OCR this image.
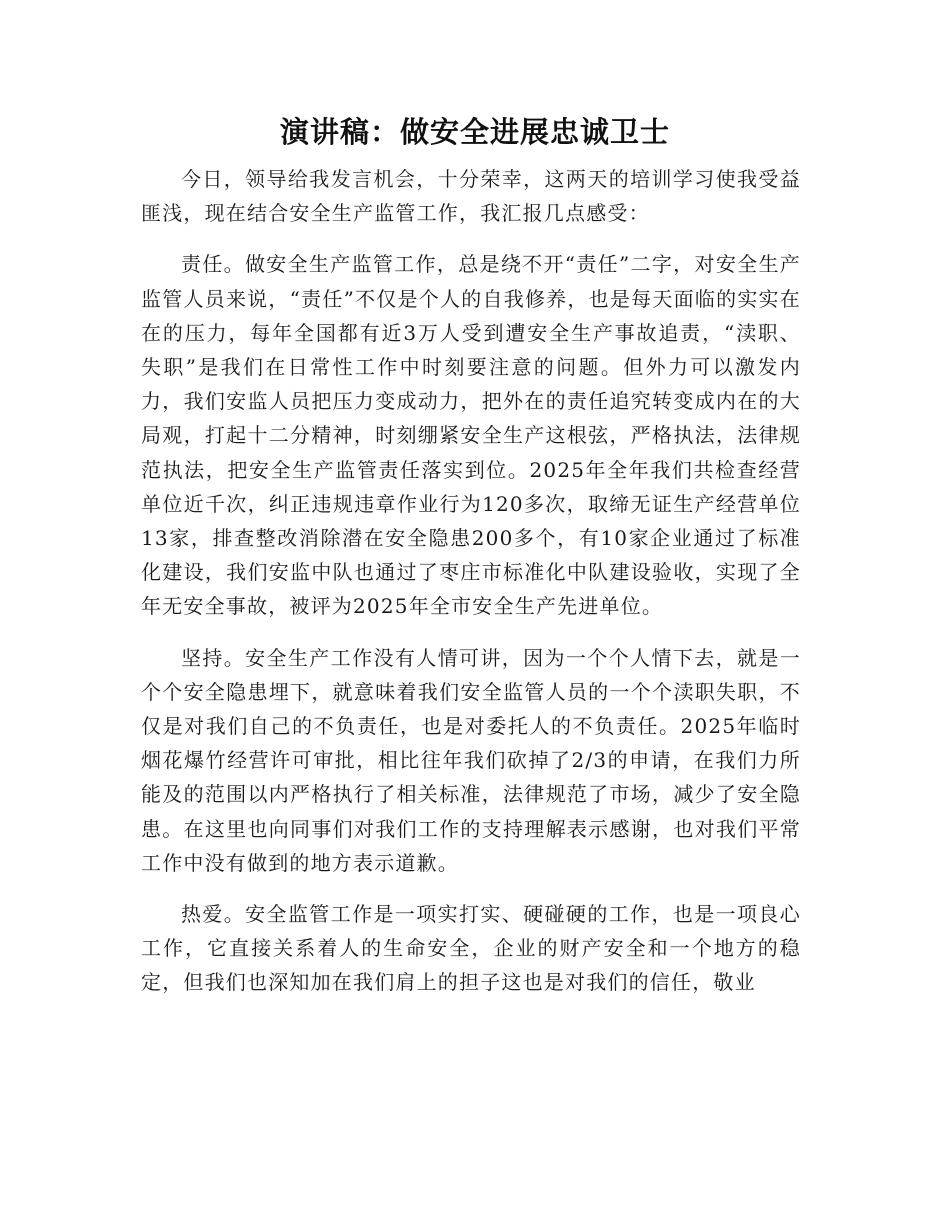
演讲稿：做安全进展忠诚卫士

今日，领导给我发言机会，十分荣幸，这两天的培训学习使我受益匪浅，现在结合安全生产监管工作，我汇报几点感受：

责任。做安全生产监管工作，总是绕不开“责任”二字，对安全生产监管人员来说，“责任”不仅是个人的自我修养，也是每天面临的实实在在的压力，每年全国都有近3万人受到遭安全生产事故追责，“渎职、失职”是我们在日常性工作中时刻要注意的问题。但外力可以激发内力，我们安监人员把压力变成动力，把外在的责任追究转变成内在的大局观，打起十二分精神，时刻绷紧安全生产这根弦，严格执法，法律规范执法，把安全生产监管责任落实到位。2025年全年我们共检查经营单位近千次，纠正违规违章作业行为120多次，取缔无证生产经营单位13家，排查整改消除潜在安全隐患200多个，有10家企业通过了标准化建设，我们安监中队也通过了枣庄市标准化中队建设验收，实现了全年无安全事故，被评为2025年全市安全生产先进单位。

坚持。安全生产工作没有人情可讲，因为一个个人情下去，就是一个个安全隐患埋下，就意味着我们安全监管人员的一个个渎职失职，不仅是对我们自己的不负责任，也是对委托人的不负责任。2025年临时烟花爆竹经营许可审批，相比往年我们砍掉了2/3的申请，在我们力所能及的范围以内严格执行了相关标准，法律规范了市场，减少了安全隐患。在这里也向同事们对我们工作的支持理解表示感谢，也对我们平常工作中没有做到的地方表示道歉。

热爱。安全监管工作是一项实打实、硬碰硬的工作，也是一项良心工作，它直接关系着人的生命安全，企业的财产安全和一个地方的稳定，但我们也深知加在我们肩上的担子这也是对我们的信任，敬业
